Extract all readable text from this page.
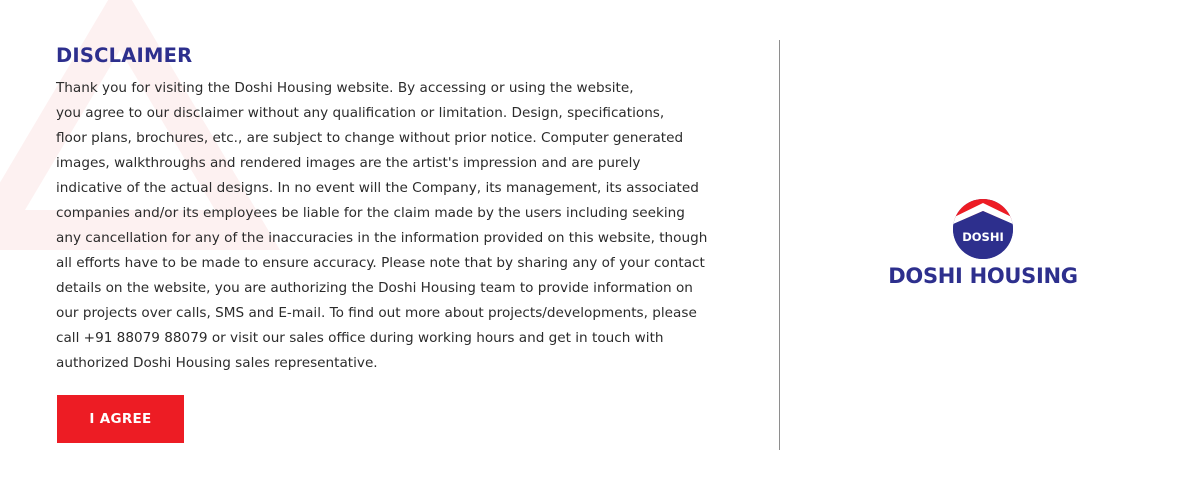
DISCLAIMER

Thank you for visiting the Doshi Housing website. By accessing or using the website,
you agree to our disclaimer without any qualification or limitation. Design, specifications,
floor plans, brochures, etc., are subject to change without prior notice. Computer generated
images, walkthroughs and rendered images are the artist's impression and are purely
indicative of the actual designs. In no event will the Company, its management, its associated
companies and/or its employees be liable for the claim made by the users including seeking
any cancellation for any of the inaccuracies in the information provided on this website, though
all efforts have to be made to ensure accuracy. Please note that by sharing any of your contact
details on the website, you are authorizing the Doshi Housing team to provide information on
our projects over calls, SMS and E-mail. To find out more about projects/developments, please
call +91 88079 88079 or visit our sales office during working hours and get in touch with
authorized Doshi Housing sales representative.

I AGREE
DOSHI
DOSHI HOUSING
